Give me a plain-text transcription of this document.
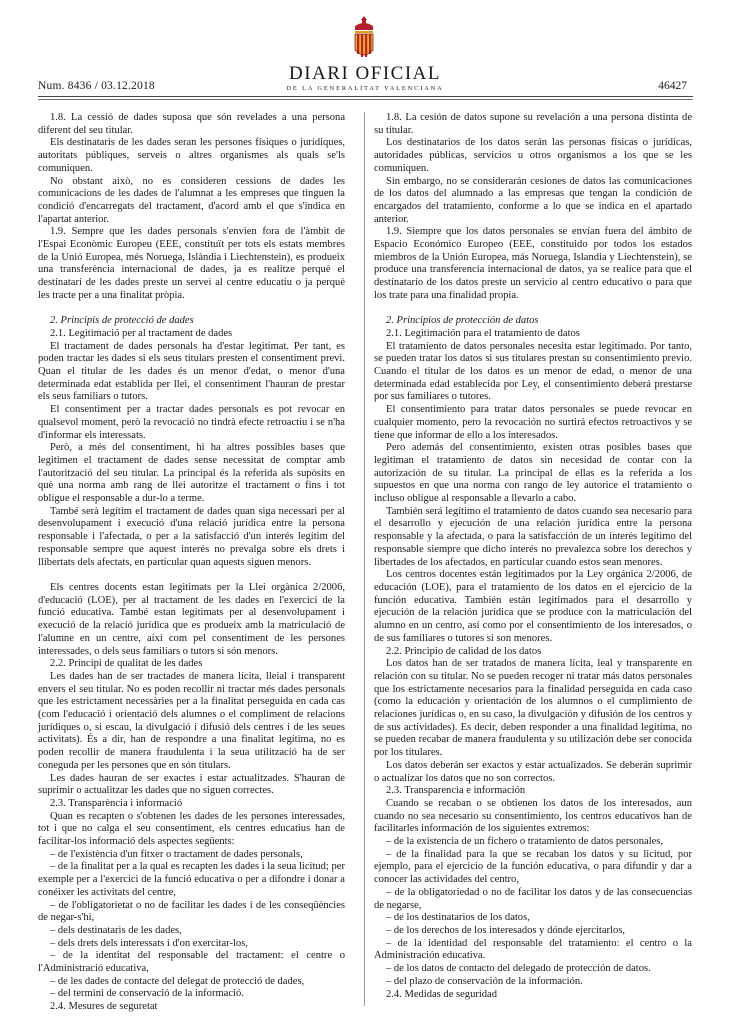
Num. 8436 / 03.12.2018
DIARI OFICIAL
DE LA GENERALITAT VALENCIANA	46427

1.8. La cessió de dades suposa que són revelades a una persona diferent del seu titular.

Els destinataris de les dades seran les persones físiques o jurídiques, autoritats públiques, serveis o altres organismes als quals se'ls comuniquen.

No obstant això, no es consideren cessions de dades les comunicacions de les dades de l'alumnat a les empreses que tinguen la condició d'encarregats del tractament, d'acord amb el que s'indica en l'apartat anterior.

1.9. Sempre que les dades personals s'envien fora de l'àmbit de l'Espai Econòmic Europeu (EEE, constituït per tots els estats membres de la Unió Europea, més Noruega, Islàndia i Liechtenstein), es produeix una transferència internacional de dades, ja es realitze perquè el destinatari de les dades preste un servei al centre educatiu o ja perquè les tracte per a una finalitat pròpia.

2. Principis de protecció de dades

2.1. Legitimació per al tractament de dades

El tractament de dades personals ha d'estar legitimat. Per tant, es poden tractar les dades si els seus titulars presten el consentiment previ. Quan el titular de les dades és un menor d'edat, o menor d'una determinada edat establida per llei, el consentiment l'hauran de prestar els seus familiars o tutors.

El consentiment per a tractar dades personals es pot revocar en qualsevol moment, però la revocació no tindrà efecte retroactiu i se n'ha d'informar els interessats.

Però, a més del consentiment, hi ha altres possibles bases que legitimen el tractament de dades sense necessitat de comptar amb l'autorització del seu titular. La principal és la referida als supòsits en què una norma amb rang de llei autoritze el tractament o fins i tot obligue el responsable a dur-lo a terme.

També serà legítim el tractament de dades quan siga necessari per al desenvolupament i execució d'una relació jurídica entre la persona responsable i l'afectada, o per a la satisfacció d'un interés legítim del responsable sempre que aquest interés no prevalga sobre els drets i llibertats dels afectats, en particular quan aquests siguen menors.

Els centres docents estan legitimats per la Llei orgànica 2/2006, d'educació (LOE), per al tractament de les dades en l'exercici de la funció educativa. També estan legitimats per al desenvolupament i execució de la relació jurídica que es produeix amb la matriculació de l'alumne en un centre, així com pel consentiment de les persones interessades, o dels seus familiars o tutors si són menors.

2.2. Principi de qualitat de les dades

Les dades han de ser tractades de manera lícita, lleial i transparent envers el seu titular. No es poden recollir ni tractar més dades personals que les estrictament necessàries per a la finalitat perseguida en cada cas (com l'educació i orientació dels alumnes o el compliment de relacions jurídiques o, si escau, la divulgació i difusió dels centres i de les seues activitats). És a dir, han de respondre a una finalitat legítima, no es poden recollir de manera fraudulenta i la seua utilització ha de ser coneguda per les persones que en són titulars.

Les dades hauran de ser exactes i estar actualitzades. S'hauran de suprimir o actualitzar les dades que no siguen correctes.

2.3. Transparència i informació

Quan es recapten o s'obtenen les dades de les persones interessades, tot i que no calga el seu consentiment, els centres educatius han de facilitar-los informació dels aspectes següents:

– de l'existència d'un fitxer o tractament de dades personals,

– de la finalitat per a la qual es recapten les dades i la seua licitud; per exemple per a l'exercici de la funció educativa o per a difondre i donar a conéixer les activitats del centre,

– de l'obligatorietat o no de facilitar les dades i de les conseqüències de negar-s'hi,

– dels destinataris de les dades,

– dels drets dels interessats i d'on exercitar-los,

– de la identitat del responsable del tractament: el centre o l'Administració educativa,

– de les dades de contacte del delegat de protecció de dades,

– del termini de conservació de la informació.

2.4. Mesures de seguretat

1.8. La cesión de datos supone su revelación a una persona distinta de su titular.

Los destinatarios de los datos serán las personas físicas o jurídicas, autoridades públicas, servicios u otros organismos a los que se les comuniquen.

Sin embargo, no se considerarán cesiones de datos las comunicaciones de los datos del alumnado a las empresas que tengan la condición de encargados del tratamiento, conforme a lo que se indica en el apartado anterior.

1.9. Siempre que los datos personales se envían fuera del ámbito de Espacio Económico Europeo (EEE, constituido por todos los estados miembros de la Unión Europea, más Noruega, Islandia y Liechtenstein), se produce una transferencia internacional de datos, ya se realice para que el destinatario de los datos preste un servicio al centro educativo o para que los trate para una finalidad propia.

2. Principios de protección de datos

2.1. Legitimación para el tratamiento de datos

El tratamiento de datos personales necesita estar legitimado. Por tanto, se pueden tratar los datos si sus titulares prestan su consentimiento previo. Cuando el titular de los datos es un menor de edad, o menor de una determinada edad establecida por Ley, el consentimiento deberá prestarse por sus familiares o tutores.

El consentimiento para tratar datos personales se puede revocar en cualquier momento, pero la revocación no surtirá efectos retroactivos y se tiene que informar de ello a los interesados.

Pero además del consentimiento, existen otras posibles bases que legitiman el tratamiento de datos sin necesidad de contar con la autorización de su titular. La principal de ellas es la referida a los supuestos en que una norma con rango de ley autorice el tratamiento o incluso obligue al responsable a llevarlo a cabo.

También será legítimo el tratamiento de datos cuando sea necesario para el desarrollo y ejecución de una relación jurídica entre la persona responsable y la afectada, o para la satisfacción de un interés legítimo del responsable siempre que dicho interés no prevalezca sobre los derechos y libertades de los afectados, en particular cuando estos sean menores.

Los centros docentes están legitimados por la Ley orgánica 2/2006, de educación (LOE), para el tratamiento de los datos en el ejercicio de la función educativa. También están legitimados para el desarrollo y ejecución de la relación jurídica que se produce con la matriculación del alumno en un centro, así como por el consentimiento de los interesados, o de sus familiares o tutores si son menores.

2.2. Principio de calidad de los datos

Los datos han de ser tratados de manera lícita, leal y transparente en relación con su titular. No se pueden recoger ni tratar más datos personales que los estrictamente necesarios para la finalidad perseguida en cada caso (como la educación y orientación de los alumnos o el cumplimiento de relaciones jurídicas o, en su caso, la divulgación y difusión de los centros y de sus actividades). Es decir, deben responder a una finalidad legítima, no se pueden recabar de manera fraudulenta y su utilización debe ser conocida por los titulares.

Los datos deberán ser exactos y estar actualizados. Se deberán suprimir o actualizar los datos que no son correctos.

2.3. Transparencia e información

Cuando se recaban o se obtienen los datos de los interesados, aun cuando no sea necesario su consentimiento, los centros educativos han de facilitarles información de los siguientes extremos:

– de la existencia de un fichero o tratamiento de datos personales,

– de la finalidad para la que se recaban los datos y su licitud, por ejemplo, para el ejercicio de la función educativa, o para difundir y dar a conocer las actividades del centro,

– de la obligatoriedad o no de facilitar los datos y de las consecuencias de negarse,

– de los destinatarios de los datos,

– de los derechos de los interesados y dónde ejercitarlos,

– de la identidad del responsable del tratamiento: el centro o la Administración educativa.

– de los datos de contacto del delegado de protección de datos.

– del plazo de conservación de la información.

2.4. Medidas de seguridad
